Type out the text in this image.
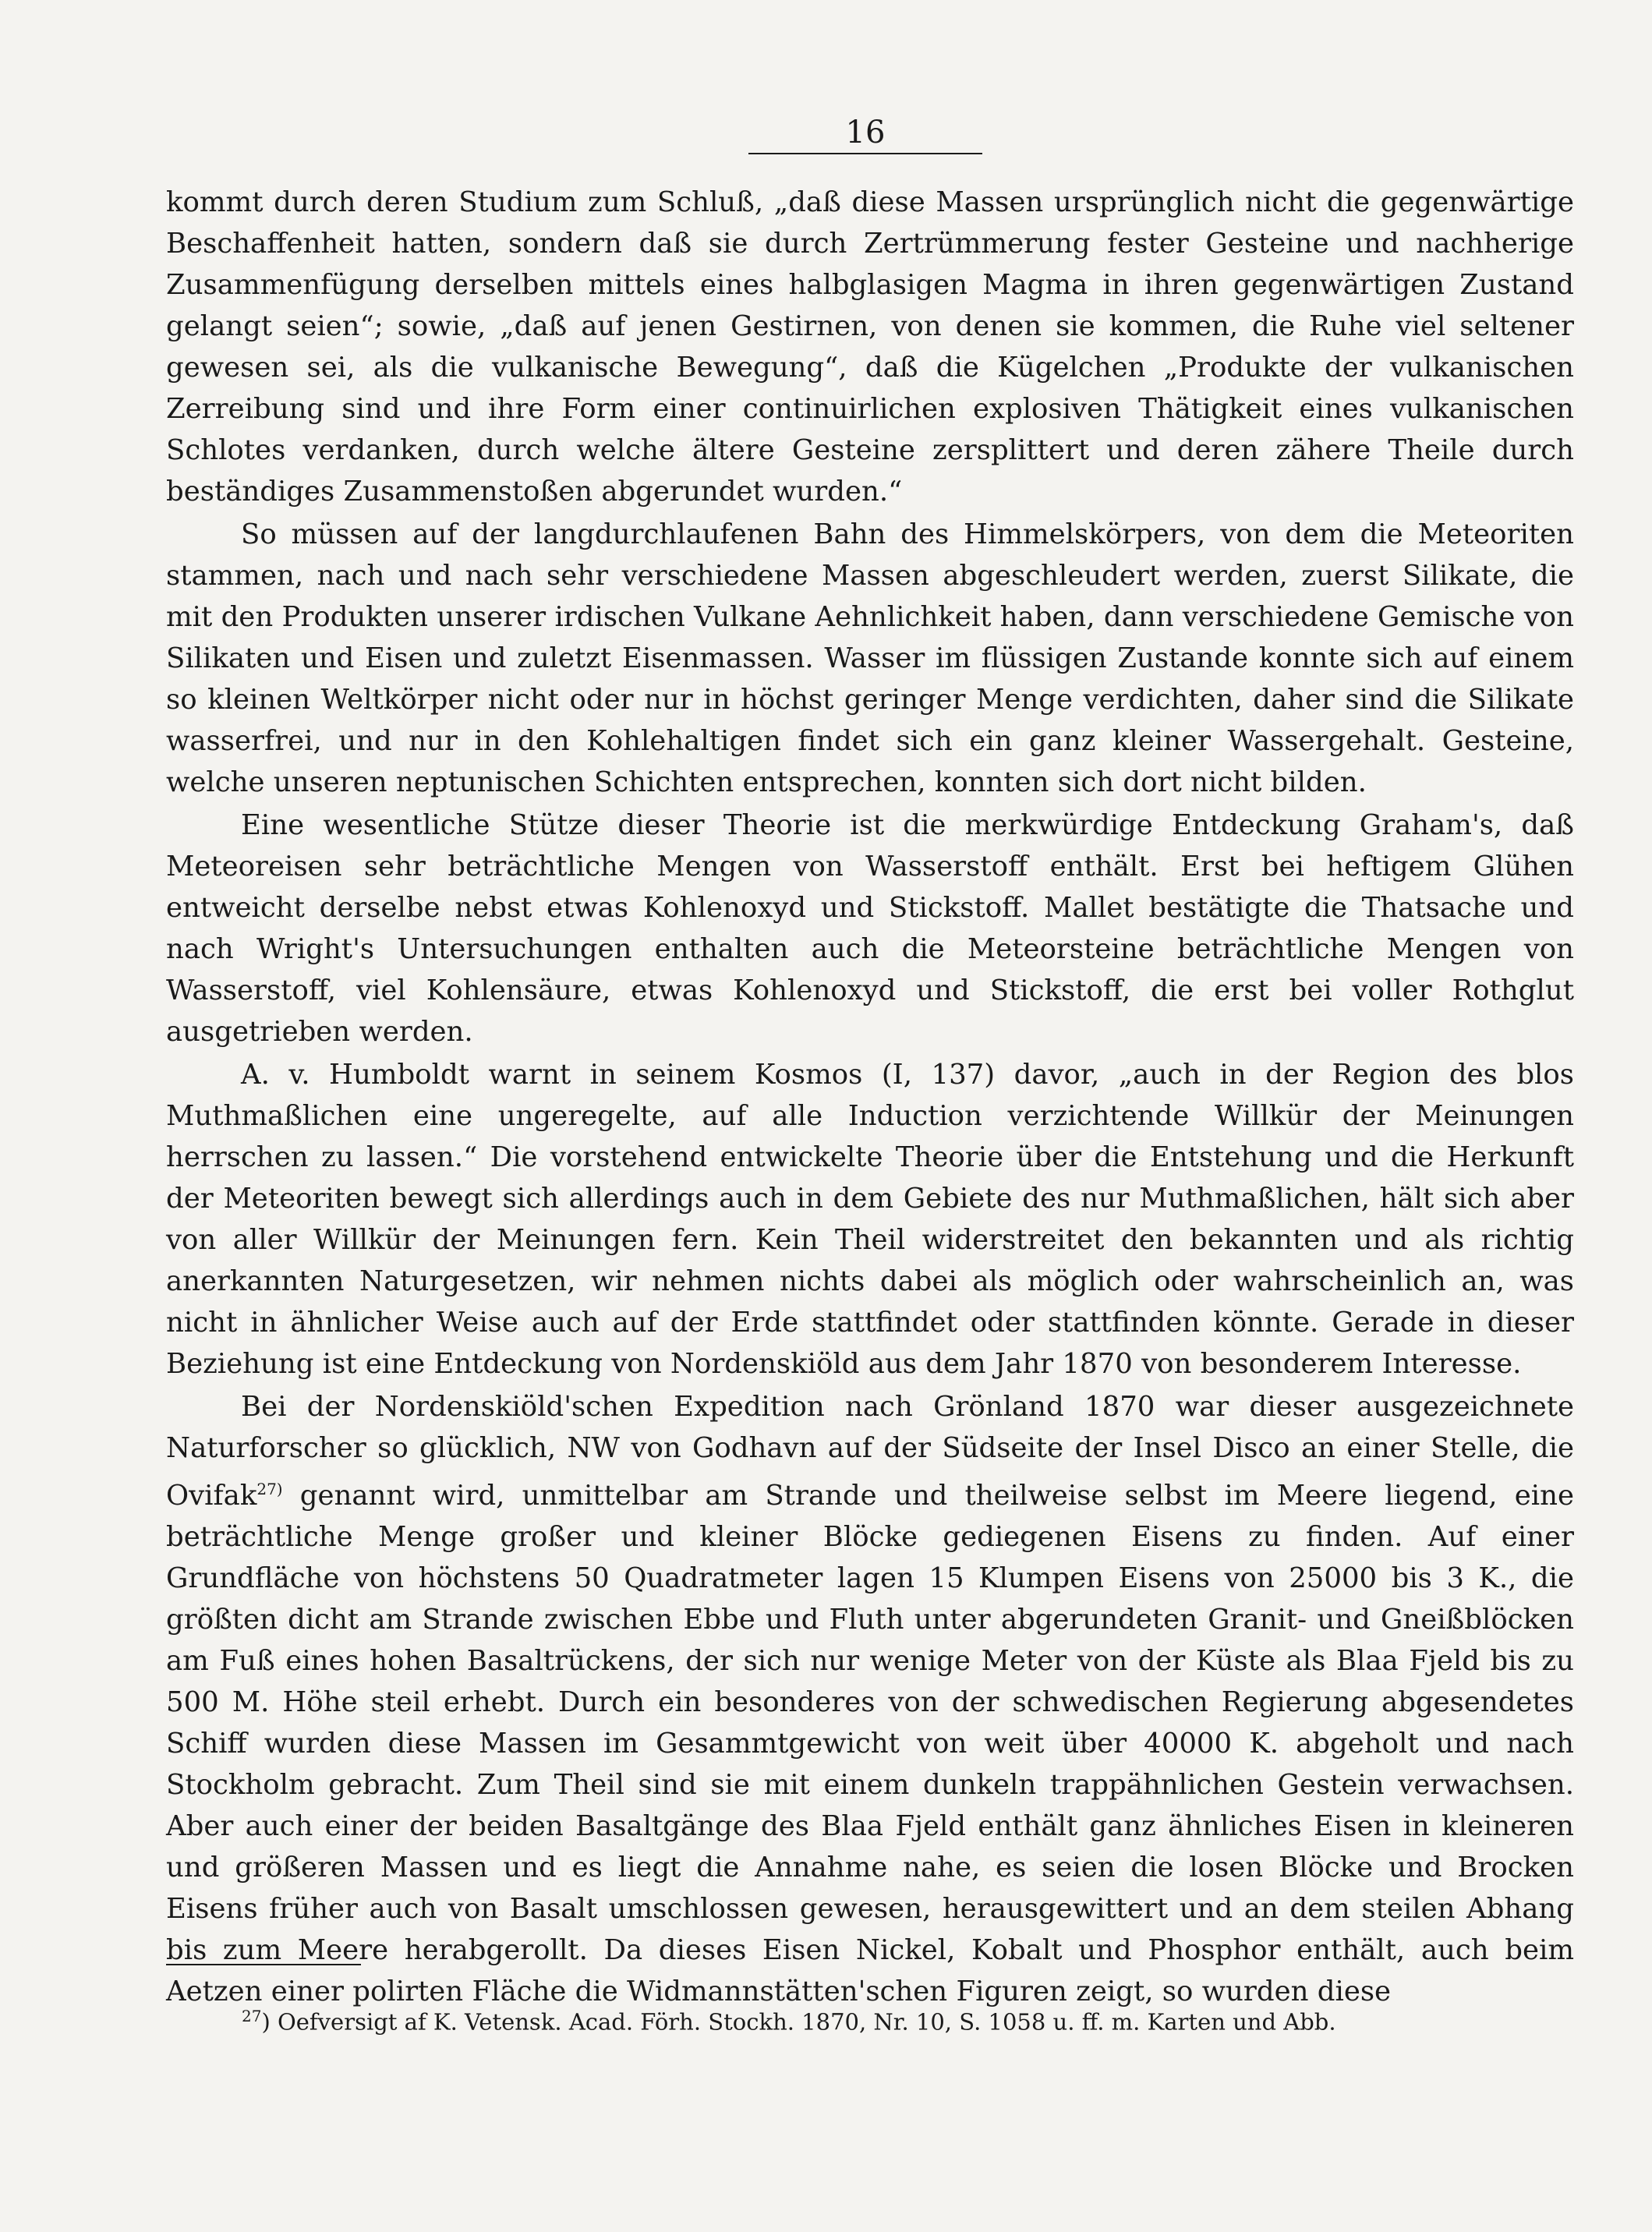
16

kommt durch deren Studium zum Schluß, „daß diese Massen ursprünglich nicht die gegenwärtige Beschaffenheit hatten, sondern daß sie durch Zertrümmerung fester Gesteine und nachherige Zusammenfügung derselben mittels eines halbglasigen Magma in ihren gegenwärtigen Zustand gelangt seien“; sowie, „daß auf jenen Gestirnen, von denen sie kommen, die Ruhe viel seltener gewesen sei, als die vulkanische Bewegung“, daß die Kügelchen „Produkte der vulkanischen Zerreibung sind und ihre Form einer continuirlichen explosiven Thätigkeit eines vulkanischen Schlotes verdanken, durch welche ältere Gesteine zersplittert und deren zähere Theile durch beständiges Zusammenstoßen abgerundet wurden.“

So müssen auf der langdurchlaufenen Bahn des Himmelskörpers, von dem die Meteoriten stammen, nach und nach sehr verschiedene Massen abgeschleudert werden, zuerst Silikate, die mit den Produkten unserer irdischen Vulkane Aehnlichkeit haben, dann verschiedene Gemische von Silikaten und Eisen und zuletzt Eisenmassen. Wasser im flüssigen Zustande konnte sich auf einem so kleinen Weltkörper nicht oder nur in höchst geringer Menge verdichten, daher sind die Silikate wasserfrei, und nur in den Kohlehaltigen findet sich ein ganz kleiner Wassergehalt. Gesteine, welche unseren neptunischen Schichten entsprechen, konnten sich dort nicht bilden.

Eine wesentliche Stütze dieser Theorie ist die merkwürdige Entdeckung Graham's, daß Meteoreisen sehr beträchtliche Mengen von Wasserstoff enthält. Erst bei heftigem Glühen entweicht derselbe nebst etwas Kohlenoxyd und Stickstoff. Mallet bestätigte die Thatsache und nach Wright's Untersuchungen enthalten auch die Meteorsteine beträchtliche Mengen von Wasserstoff, viel Kohlensäure, etwas Kohlenoxyd und Stickstoff, die erst bei voller Rothglut ausgetrieben werden.

A. v. Humboldt warnt in seinem Kosmos (I, 137) davor, „auch in der Region des blos Muthmaßlichen eine ungeregelte, auf alle Induction verzichtende Willkür der Meinungen herrschen zu lassen.“ Die vorstehend entwickelte Theorie über die Entstehung und die Herkunft der Meteoriten bewegt sich allerdings auch in dem Gebiete des nur Muthmaßlichen, hält sich aber von aller Willkür der Meinungen fern. Kein Theil widerstreitet den bekannten und als richtig anerkannten Naturgesetzen, wir nehmen nichts dabei als möglich oder wahrscheinlich an, was nicht in ähnlicher Weise auch auf der Erde stattfindet oder stattfinden könnte. Gerade in dieser Beziehung ist eine Entdeckung von Nordenskiöld aus dem Jahr 1870 von besonderem Interesse.

Bei der Nordenskiöld'schen Expedition nach Grönland 1870 war dieser ausgezeichnete Naturforscher so glücklich, NW von Godhavn auf der Südseite der Insel Disco an einer Stelle, die Ovifak$^{27)}$ genannt wird, unmittelbar am Strande und theilweise selbst im Meere liegend, eine beträchtliche Menge großer und kleiner Blöcke gediegenen Eisens zu finden. Auf einer Grundfläche von höchstens 50 Quadratmeter lagen 15 Klumpen Eisens von 25000 bis 3 K., die größten dicht am Strande zwischen Ebbe und Fluth unter abgerundeten Granit- und Gneißblöcken am Fuß eines hohen Basaltrückens, der sich nur wenige Meter von der Küste als Blaa Fjeld bis zu 500 M. Höhe steil erhebt. Durch ein besonderes von der schwedischen Regierung abgesendetes Schiff wurden diese Massen im Gesammtgewicht von weit über 40000 K. abgeholt und nach Stockholm gebracht. Zum Theil sind sie mit einem dunkeln trappähnlichen Gestein verwachsen. Aber auch einer der beiden Basaltgänge des Blaa Fjeld enthält ganz ähnliches Eisen in kleineren und größeren Massen und es liegt die Annahme nahe, es seien die losen Blöcke und Brocken Eisens früher auch von Basalt umschlossen gewesen, herausgewittert und an dem steilen Abhang bis zum Meere herabgerollt. Da dieses Eisen Nickel, Kobalt und Phosphor enthält, auch beim Aetzen einer polirten Fläche die Widmannstätten'schen Figuren zeigt, so wurden diese

$^{27}$) Oefversigt af K. Vetensk. Acad. Förh. Stockh. 1870, Nr. 10, S. 1058 u. ff. m. Karten und Abb.
